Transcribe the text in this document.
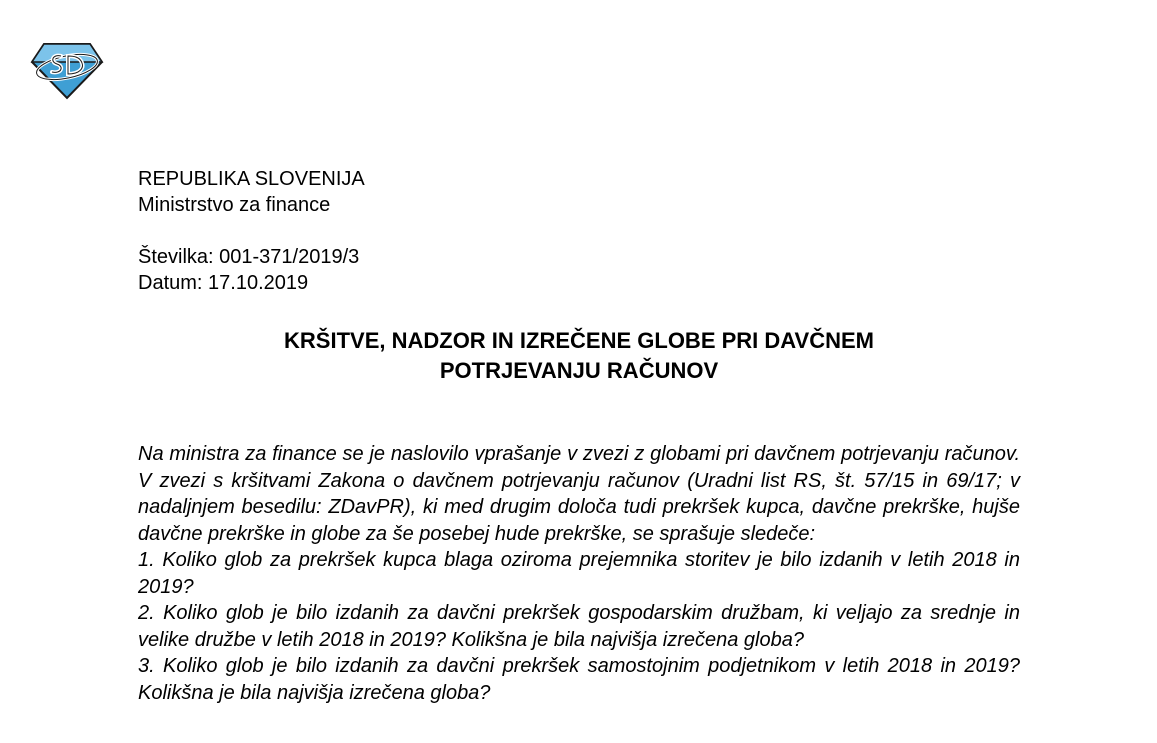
REPUBLIKA SLOVENIJA
Ministrstvo za finance
Številka: 001-371/2019/3
Datum: 17.10.2019
KRŠITVE, NADZOR IN IZREČENE GLOBE PRI DAVČNEM
POTRJEVANJU RAČUNOV

Na ministra za finance se je naslovilo vprašanje v zvezi z globami pri davčnem potrjevanju računov. V zvezi s kršitvami Zakona o davčnem potrjevanju računov (Uradni list RS, št. 57/15 in 69/17; v nadaljnjem besedilu: ZDavPR), ki med drugim določa tudi prekršek kupca, davčne prekrške, hujše davčne prekrške in globe za še posebej hude prekrške, se sprašuje sledeče:

1. Koliko glob za prekršek kupca blaga oziroma prejemnika storitev je bilo izdanih v letih 2018 in 2019?

2. Koliko glob je bilo izdanih za davčni prekršek gospodarskim družbam, ki veljajo za srednje in velike družbe v letih 2018 in 2019? Kolikšna je bila najvišja izrečena globa?

3. Koliko glob je bilo izdanih za davčni prekršek samostojnim podjetnikom v letih 2018 in 2019? Kolikšna je bila najvišja izrečena globa?
